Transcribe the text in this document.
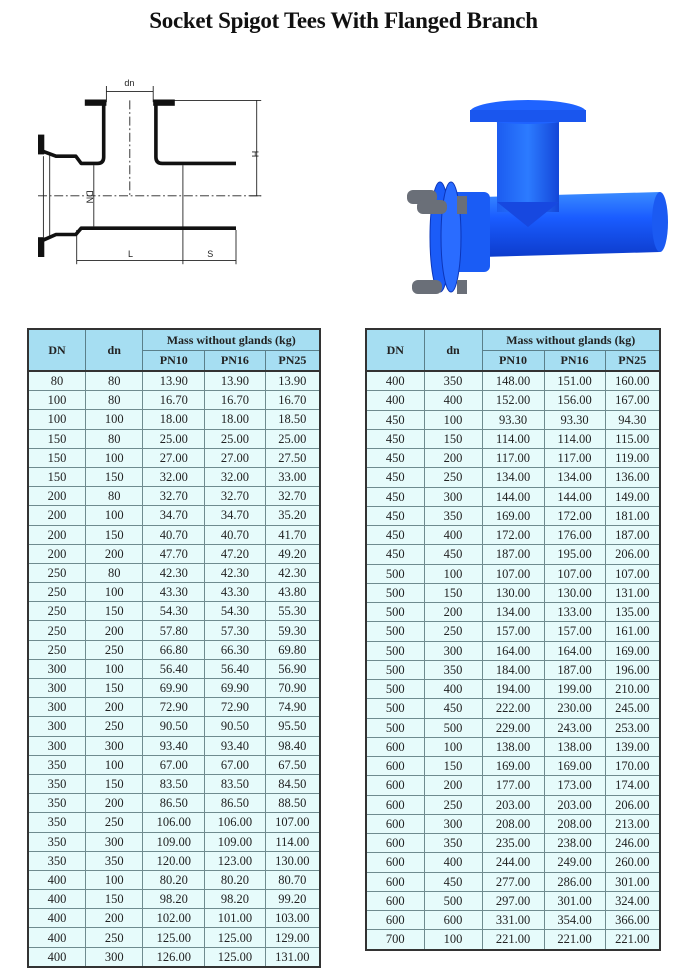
Socket Spigot Tees With Flanged Branch
dn
H
DN
L	S
DN	dn	Mass without glands (kg)		
		PN10	PN16	PN25
80	80	13.90	13.90	13.90
100	80	16.70	16.70	16.70
100	100	18.00	18.00	18.50
150	80	25.00	25.00	25.00
150	100	27.00	27.00	27.50
150	150	32.00	32.00	33.00
200	80	32.70	32.70	32.70
200	100	34.70	34.70	35.20
200	150	40.70	40.70	41.70
200	200	47.70	47.20	49.20
250	80	42.30	42.30	42.30
250	100	43.30	43.30	43.80
250	150	54.30	54.30	55.30
250	200	57.80	57.30	59.30
250	250	66.80	66.30	69.80
300	100	56.40	56.40	56.90
300	150	69.90	69.90	70.90
300	200	72.90	72.90	74.90
300	250	90.50	90.50	95.50
300	300	93.40	93.40	98.40
350	100	67.00	67.00	67.50
350	150	83.50	83.50	84.50
350	200	86.50	86.50	88.50
350	250	106.00	106.00	107.00
350	300	109.00	109.00	114.00
350	350	120.00	123.00	130.00
400	100	80.20	80.20	80.70
400	150	98.20	98.20	99.20
400	200	102.00	101.00	103.00
400	250	125.00	125.00	129.00
400	300	126.00	125.00	131.00
DN	dn	Mass without glands (kg)		
		PN10	PN16	PN25
400	350	148.00	151.00	160.00
400	400	152.00	156.00	167.00
450	100	93.30	93.30	94.30
450	150	114.00	114.00	115.00
450	200	117.00	117.00	119.00
450	250	134.00	134.00	136.00
450	300	144.00	144.00	149.00
450	350	169.00	172.00	181.00
450	400	172.00	176.00	187.00
450	450	187.00	195.00	206.00
500	100	107.00	107.00	107.00
500	150	130.00	130.00	131.00
500	200	134.00	133.00	135.00
500	250	157.00	157.00	161.00
500	300	164.00	164.00	169.00
500	350	184.00	187.00	196.00
500	400	194.00	199.00	210.00
500	450	222.00	230.00	245.00
500	500	229.00	243.00	253.00
600	100	138.00	138.00	139.00
600	150	169.00	169.00	170.00
600	200	177.00	173.00	174.00
600	250	203.00	203.00	206.00
600	300	208.00	208.00	213.00
600	350	235.00	238.00	246.00
600	400	244.00	249.00	260.00
600	450	277.00	286.00	301.00
600	500	297.00	301.00	324.00
600	600	331.00	354.00	366.00
700	100	221.00	221.00	221.00
